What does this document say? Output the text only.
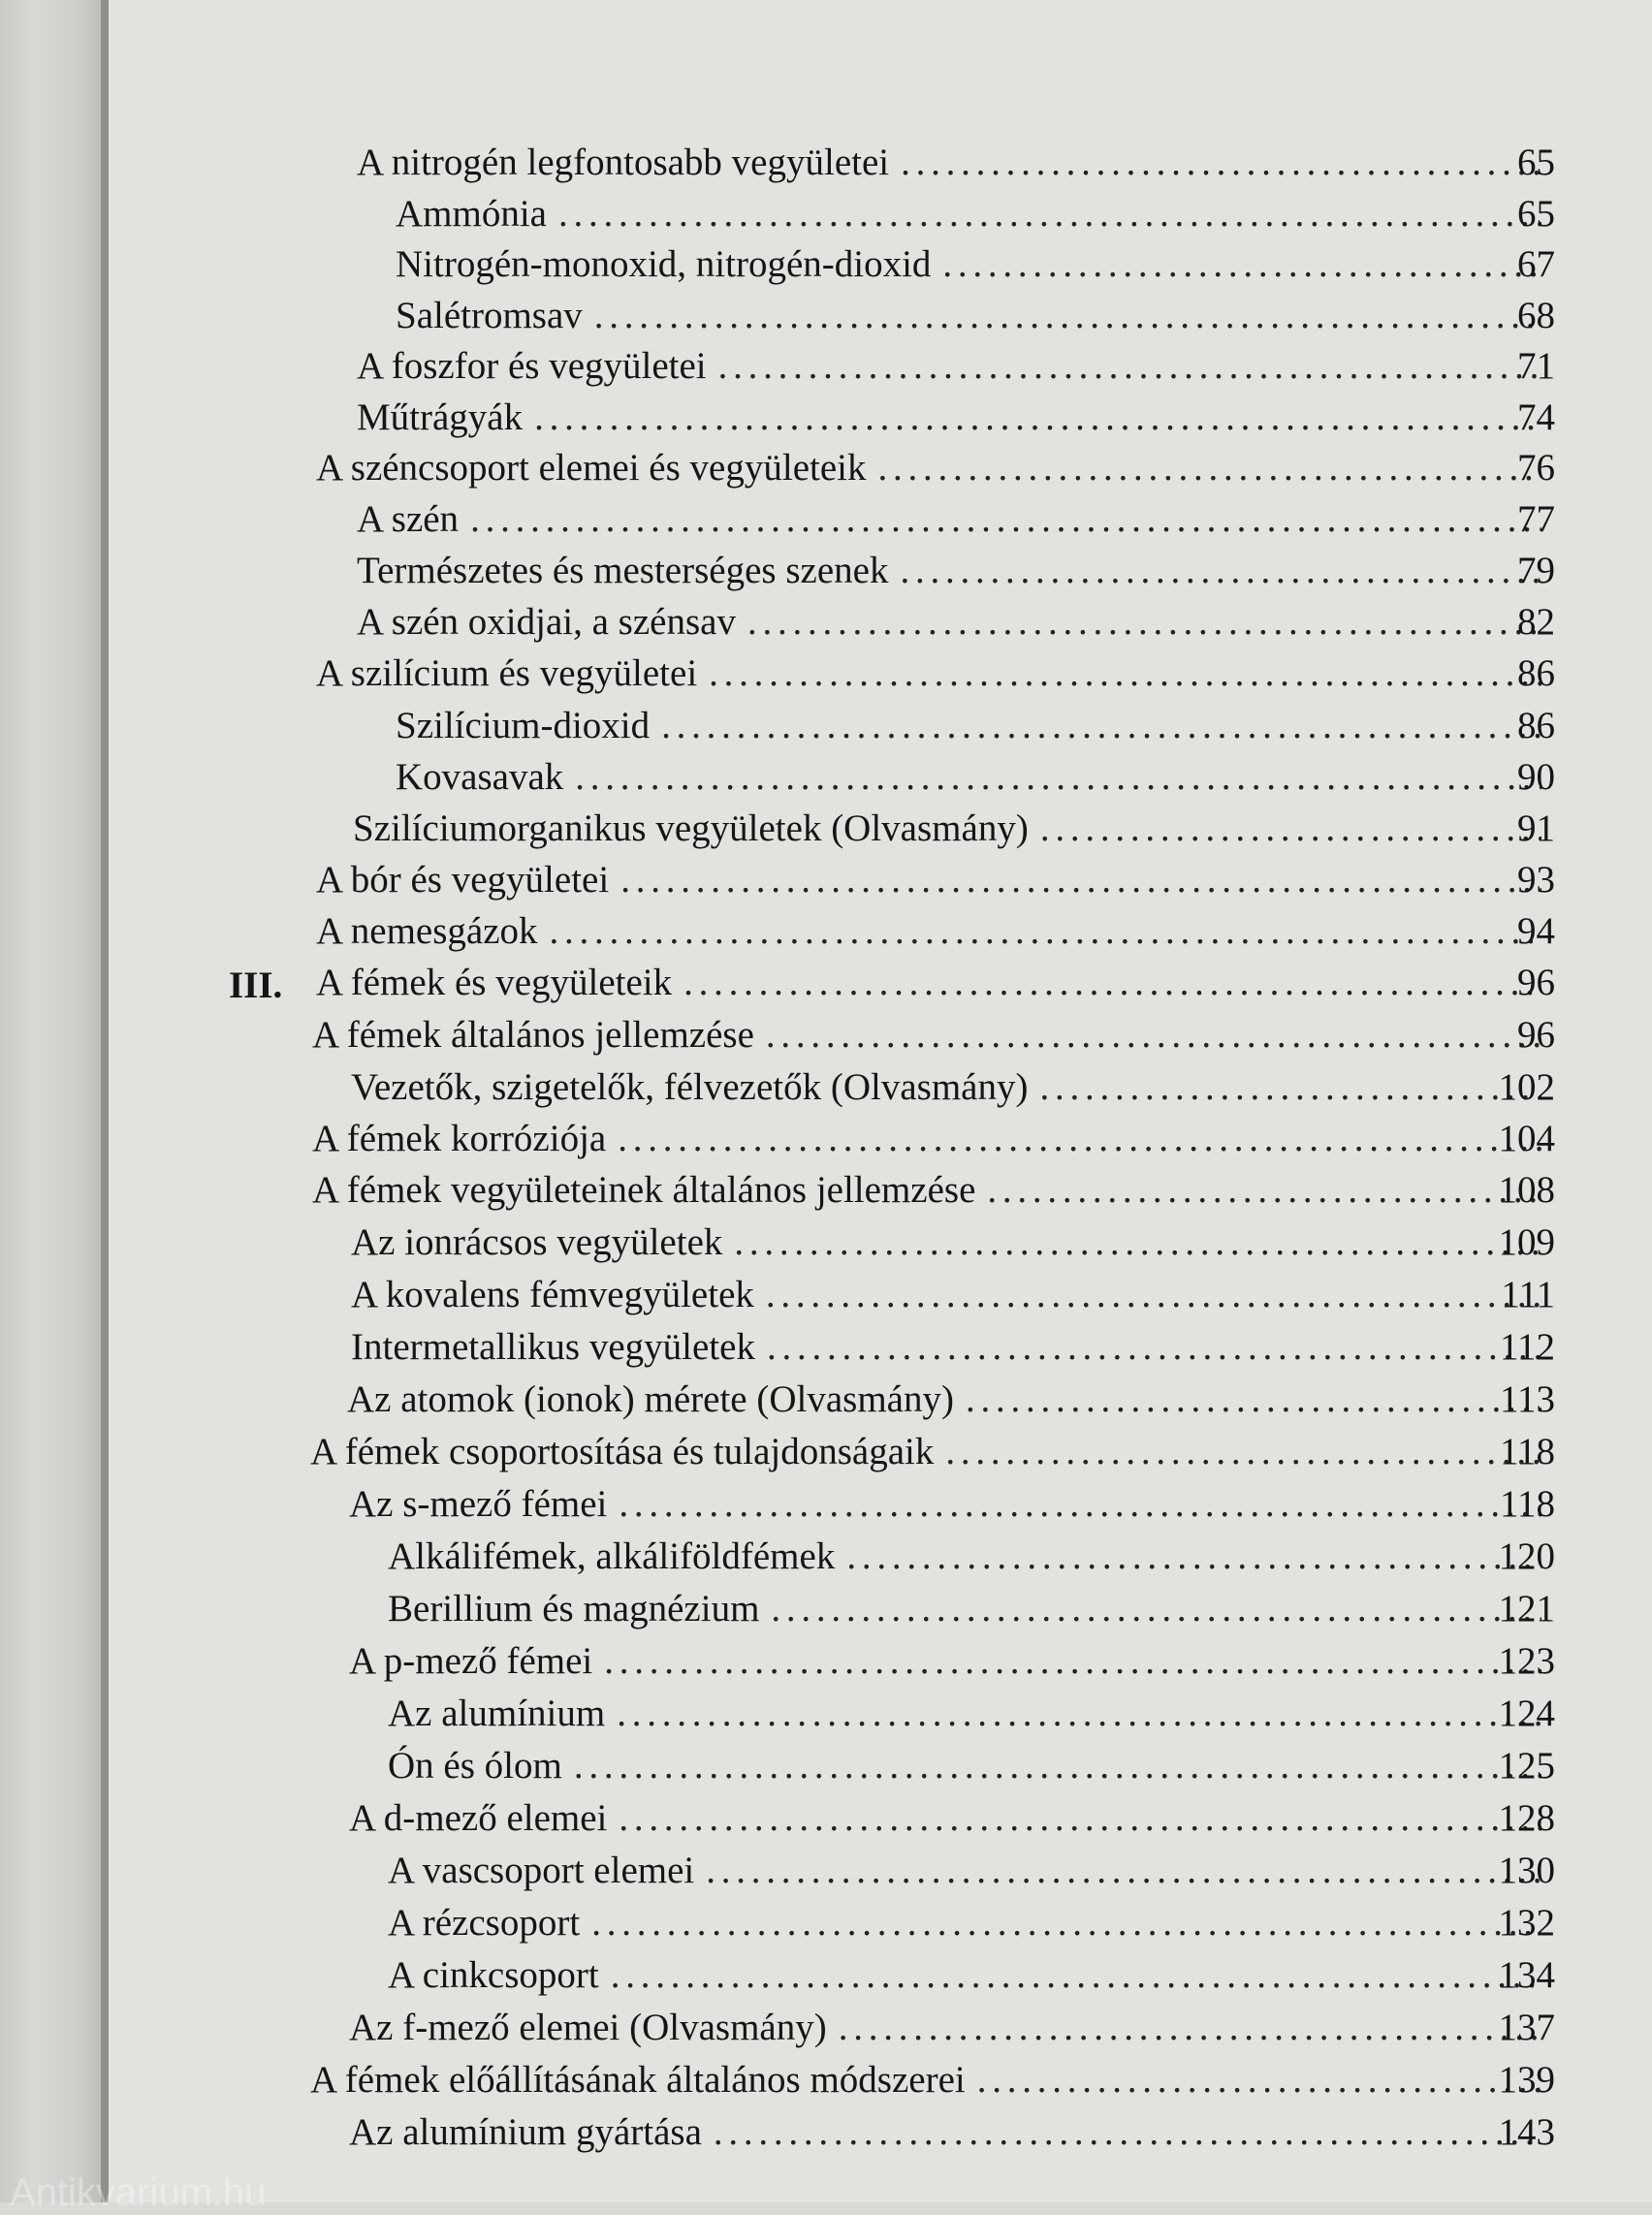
A nitrogén legfontosabb vegyületei . . .	65
Ammónia . . .	65
Nitrogén-monoxid, nitrogén-dioxid . . .	67
Salétromsav . . .	68
A foszfor és vegyületei . . .	71
Műtrágyák . . .	74
A széncsoport elemei és vegyületeik . . .	76
A szén . . .	77
Természetes és mesterséges szenek . . .	79
A szén oxidjai, a szénsav . . .	82
A szilícium és vegyületei . . .	86
Szilícium-dioxid . . .	86
Kovasavak . . .	90
Szilíciumorganikus vegyületek (Olvasmány) . . .	91
A bór és vegyületei . . .	93
A nemesgázok . . .	94
A fémek és vegyületeik . . .	96
III.
A fémek általános jellemzése . . .	96
Vezetők, szigetelők, félvezetők (Olvasmány) . . .	102
A fémek korróziója . . .	104
A fémek vegyületeinek általános jellemzése . . .	108
Az ionrácsos vegyületek . . .	109
A kovalens fémvegyületek . . .	111
Intermetallikus vegyületek . . .	112
Az atomok (ionok) mérete (Olvasmány) . . .	113
A fémek csoportosítása és tulajdonságaik . . .	118
Az s-mező fémei . . .	118
Alkálifémek, alkáliföldfémek . . .	120
Berillium és magnézium . . .	121
A p-mező fémei . . .	123
Az alumínium . . .	124
Ón és ólom . . .	125
A d-mező elemei . . .	128
A vascsoport elemei . . .	130
A rézcsoport . . .	132
A cinkcsoport . . .	134
Az f-mező elemei (Olvasmány) . . .	137
A fémek előállításának általános módszerei . . .	139
Az alumínium gyártása . . .	143
Antikvarium.hu
